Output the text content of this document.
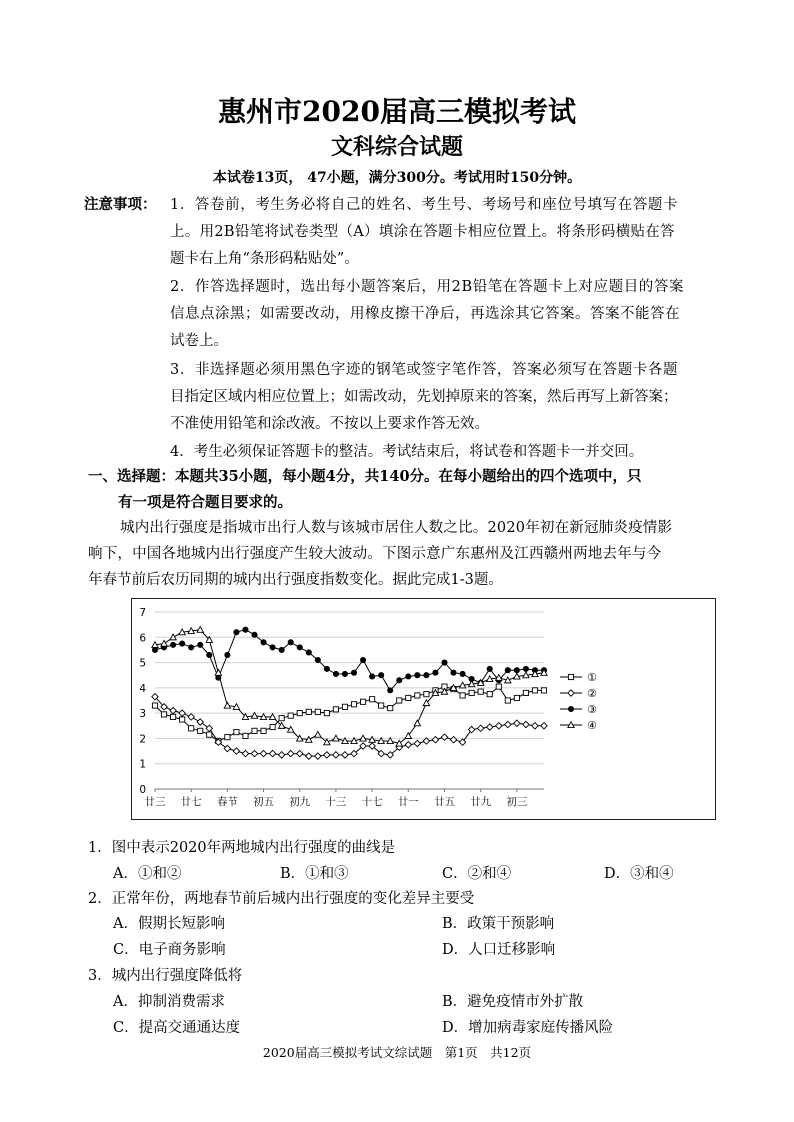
惠州市2020届高三模拟考试
文科综合试题
本试卷13页， 47小题，满分300分。考试用时150分钟。
注意事项： 1．答卷前，考生务必将自己的姓名、考生号、考场号和座位号填写在答题卡
上。用2B铅笔将试卷类型（A）填涂在答题卡相应位置上。将条形码横贴在答
题卡右上角“条形码粘贴处”。
2．作答选择题时，选出每小题答案后，用2B铅笔在答题卡上对应题目的答案
信息点涂黑；如需要改动，用橡皮擦干净后，再选涂其它答案。答案不能答在
试卷上。
3．非选择题必须用黑色字迹的钢笔或签字笔作答，答案必须写在答题卡各题
目指定区域内相应位置上；如需改动，先划掉原来的答案，然后再写上新答案；
不准使用铅笔和涂改液。不按以上要求作答无效。
4．考生必须保证答题卡的整洁。考试结束后，将试卷和答题卡一并交回。
一、选择题：本题共35小题，每小题4分，共140分。在每小题给出的四个选项中，只
有一项是符合题目要求的。
城内出行强度是指城市出行人数与该城市居住人数之比。2020年初在新冠肺炎疫情影
响下，中国各地城内出行强度产生较大波动。下图示意广东惠州及江西赣州两地去年与今
年春节前后农历同期的城内出行强度指数变化。据此完成1-3题。
0
1
2
3
4
5
6
7
廿三 廿七 春节 初五 初九 十三 十七 廿一 廿五 廿九 初三
①
②
③
④
1．图中表示2020年两地城内出行强度的曲线是
A．①和②	B．①和③	C．②和④	D．③和④
2．正常年份，两地春节前后城内出行强度的变化差异主要受
A．假期长短影响	B．政策干预影响
C．电子商务影响	D．人口迁移影响
3．城内出行强度降低将
A．抑制消费需求	B．避免疫情市外扩散
C．提高交通通达度	D．增加病毒家庭传播风险
2020届高三模拟考试文综试题　第1页　共12页
